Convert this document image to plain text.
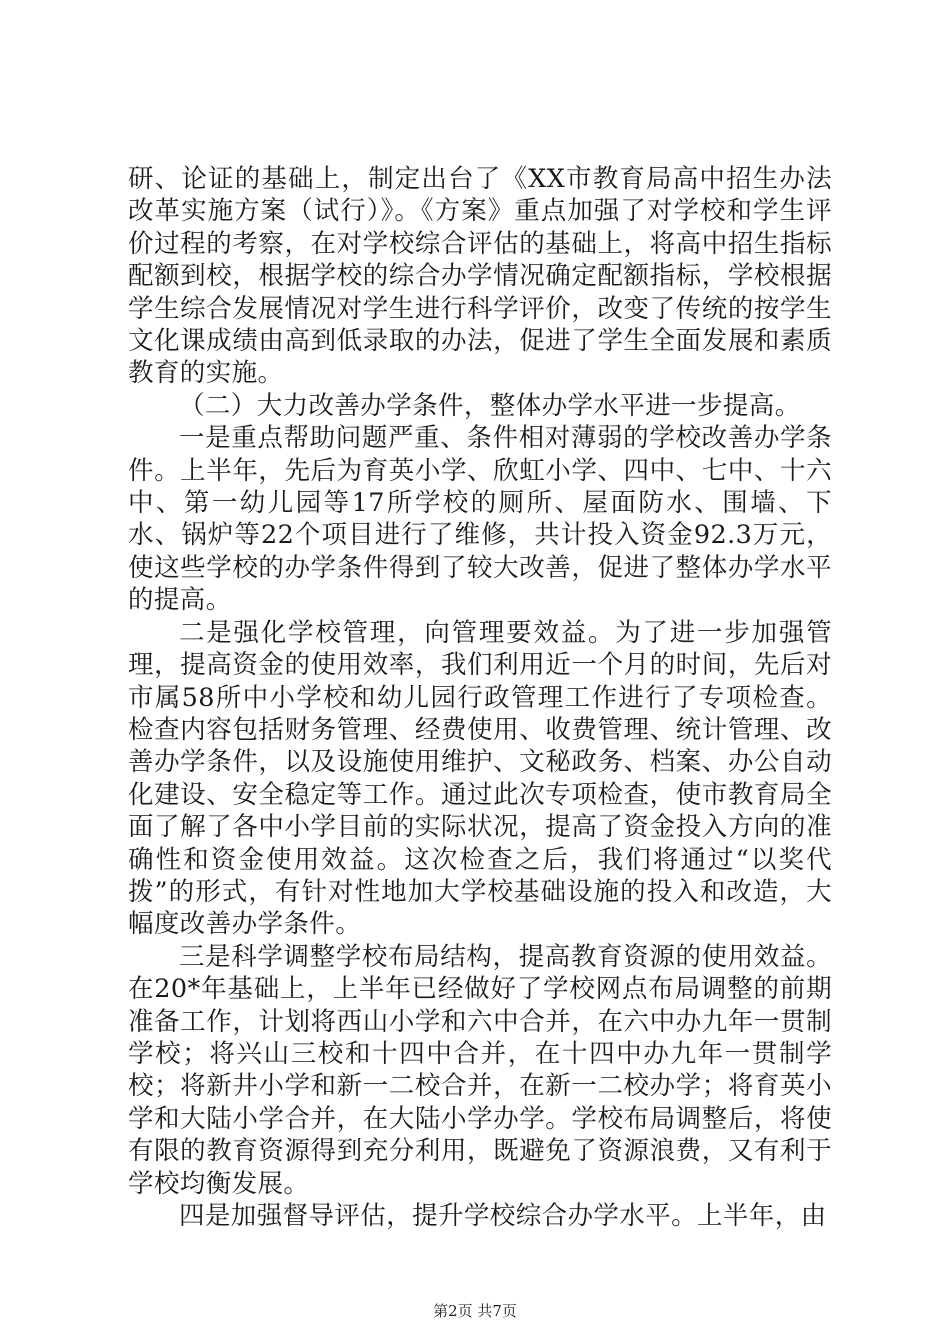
研、论证的基础上，制定出台了《XX市教育局高中招生办法改革实施方案（试行）》。《方案》重点加强了对学校和学生评价过程的考察，在对学校综合评估的基础上，将高中招生指标配额到校，根据学校的综合办学情况确定配额指标，学校根据学生综合发展情况对学生进行科学评价，改变了传统的按学生文化课成绩由高到低录取的办法，促进了学生全面发展和素质教育的实施。

（二）大力改善办学条件，整体办学水平进一步提高。

一是重点帮助问题严重、条件相对薄弱的学校改善办学条件。上半年，先后为育英小学、欣虹小学、四中、七中、十六中、第一幼儿园等17所学校的厕所、屋面防水、围墙、下水、锅炉等22个项目进行了维修，共计投入资金92.3万元，使这些学校的办学条件得到了较大改善，促进了整体办学水平的提高。

二是强化学校管理，向管理要效益。为了进一步加强管理，提高资金的使用效率，我们利用近一个月的时间，先后对市属58所中小学校和幼儿园行政管理工作进行了专项检查。检查内容包括财务管理、经费使用、收费管理、统计管理、改善办学条件，以及设施使用维护、文秘政务、档案、办公自动化建设、安全稳定等工作。通过此次专项检查，使市教育局全面了解了各中小学目前的实际状况，提高了资金投入方向的准确性和资金使用效益。这次检查之后，我们将通过“以奖代拨”的形式，有针对性地加大学校基础设施的投入和改造，大幅度改善办学条件。

三是科学调整学校布局结构，提高教育资源的使用效益。在20*年基础上，上半年已经做好了学校网点布局调整的前期准备工作，计划将西山小学和六中合并，在六中办九年一贯制学校；将兴山三校和十四中合并，在十四中办九年一贯制学校；将新井小学和新一二校合并，在新一二校办学；将育英小学和大陆小学合并，在大陆小学办学。学校布局调整后，将使有限的教育资源得到充分利用，既避免了资源浪费，又有利于学校均衡发展。

四是加强督导评估，提升学校综合办学水平。上半年，由

第2页 共7页
